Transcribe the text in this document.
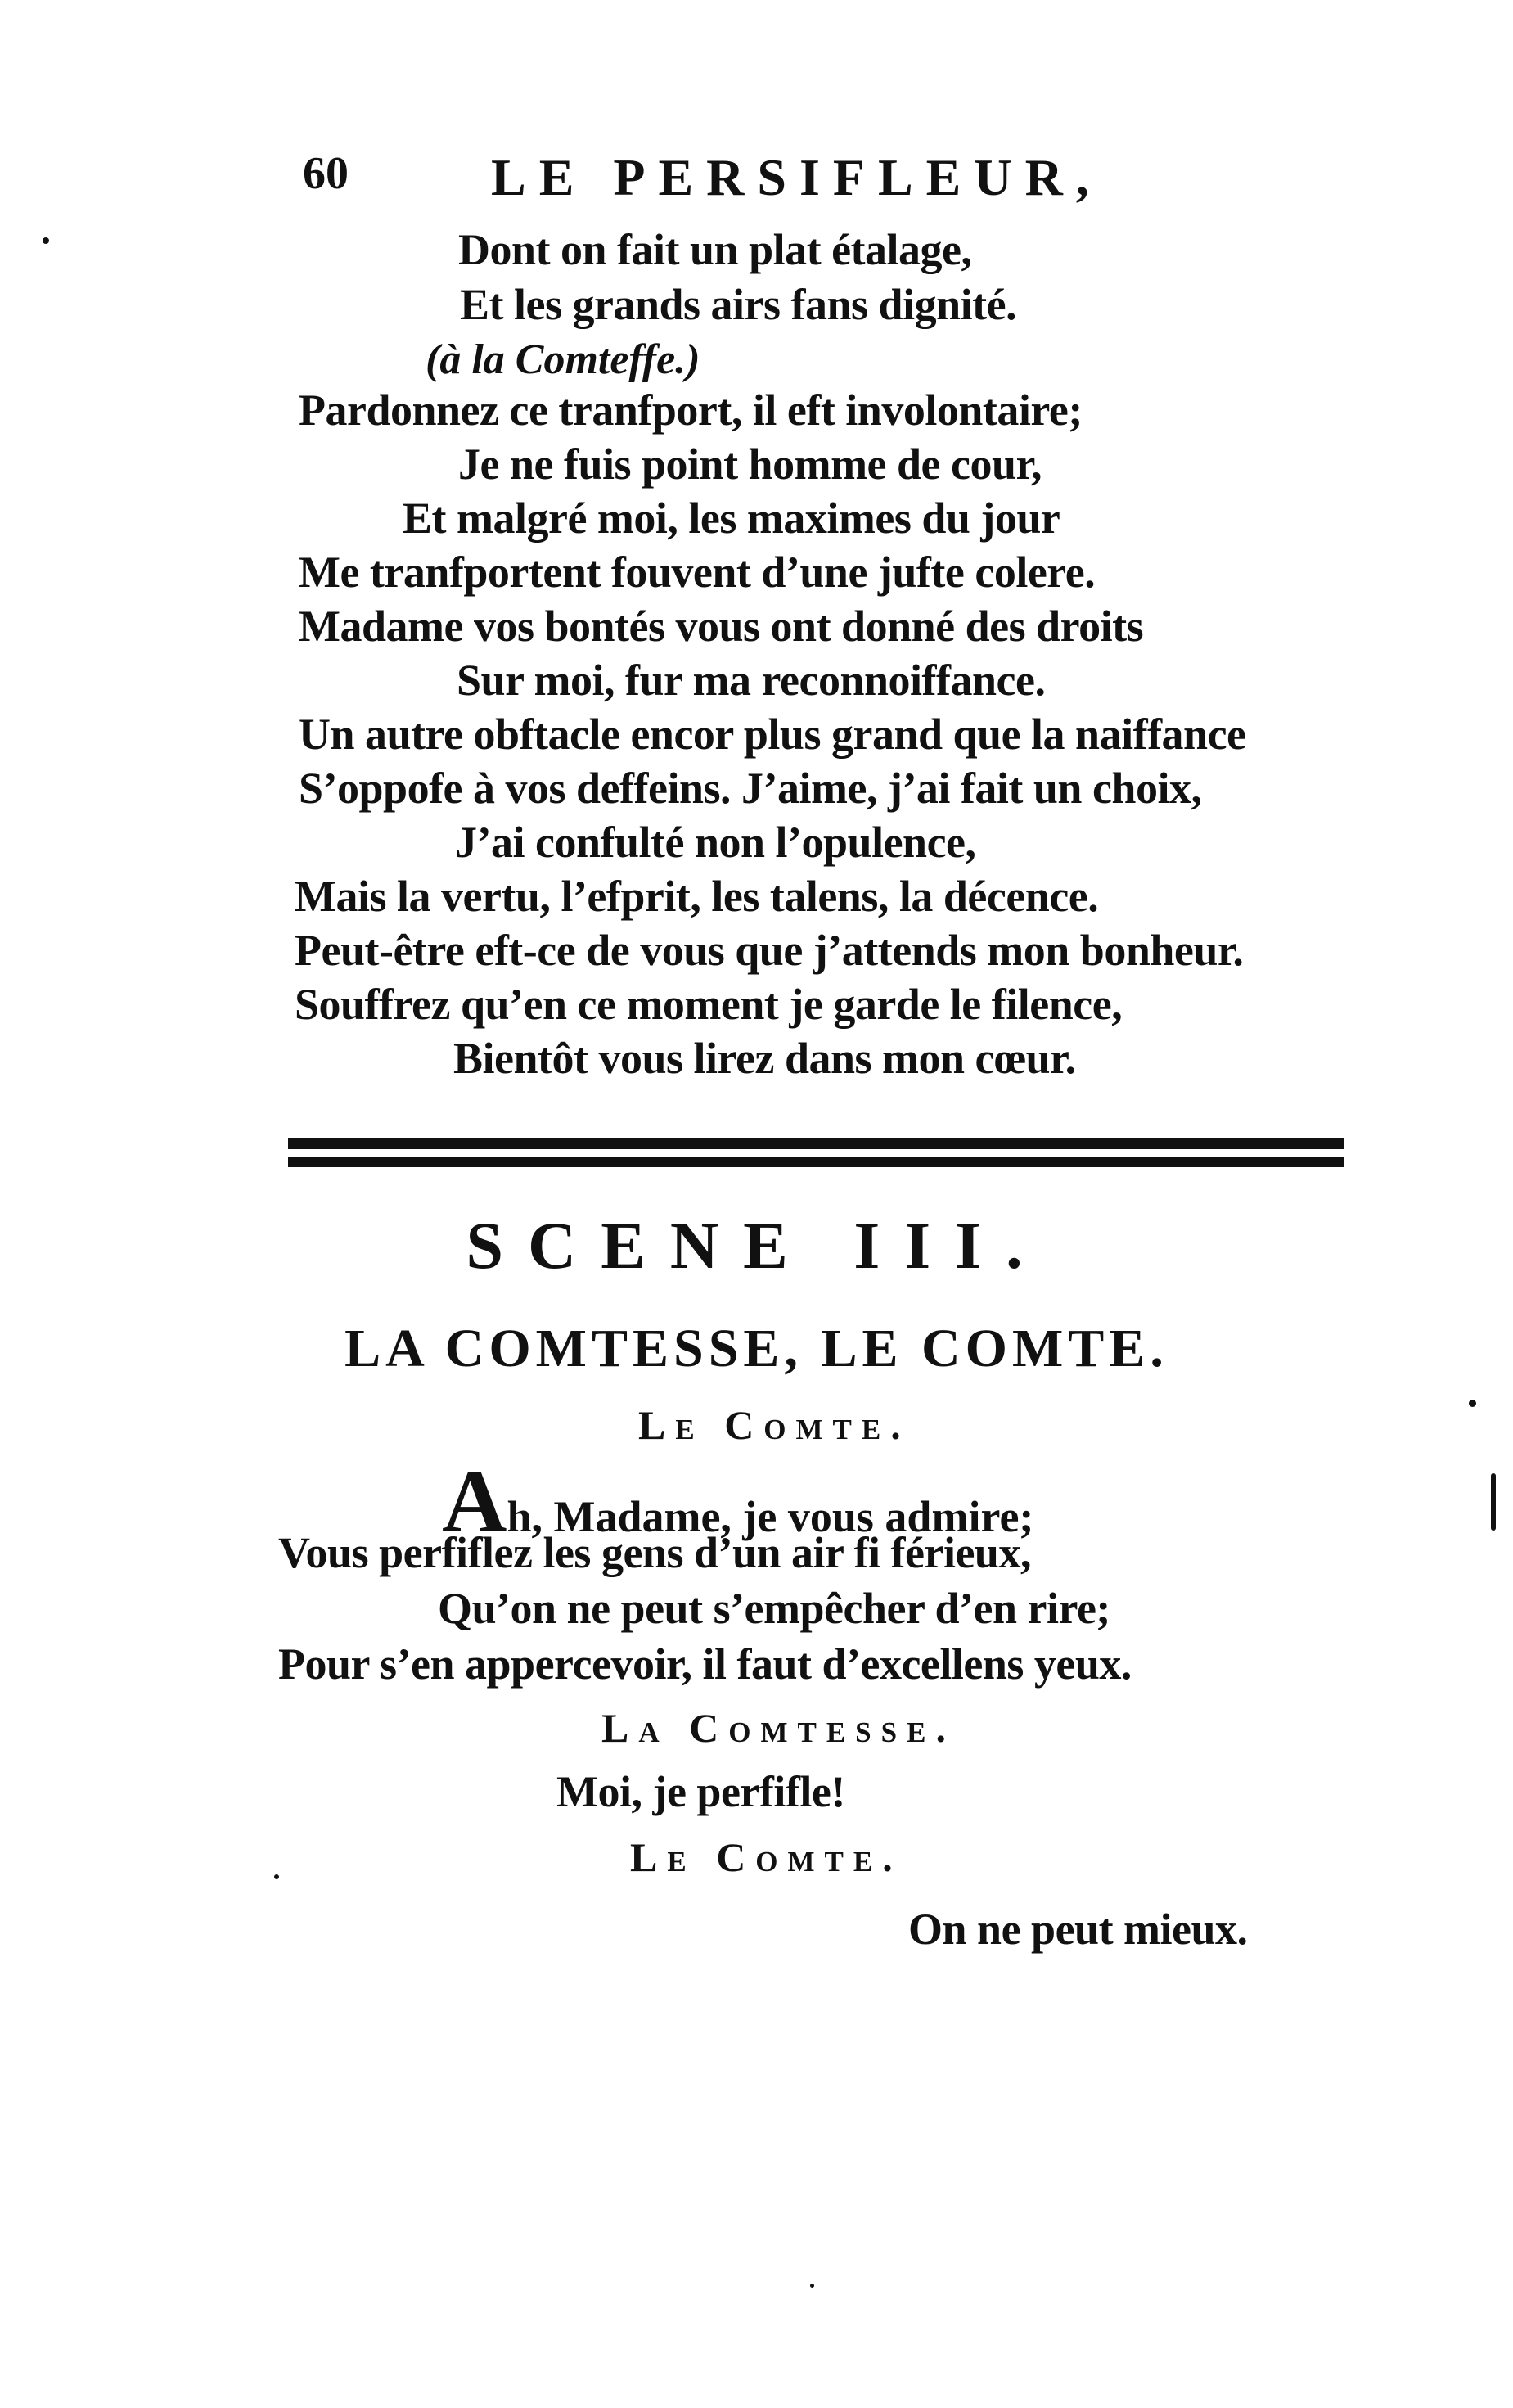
60	LE PERSIFLEUR,
Dont on fait un plat étalage,
Et les grands airs fans dignité.
(à la Comteffe.)
Pardonnez ce tranfport, il eft involontaire;
Je ne fuis point homme de cour,
Et malgré moi, les maximes du jour
Me tranfportent fouvent d’une jufte colere.
Madame vos bontés vous ont donné des droits
Sur moi, fur ma reconnoiffance.
Un autre obftacle encor plus grand que la naiffance
S’oppofe à vos deffeins. J’aime, j’ai fait un choix,
J’ai confulté non l’opulence,
Mais la vertu, l’efprit, les talens, la décence.
Peut-être eft-ce de vous que j’attends mon bonheur.
Souffrez qu’en ce moment je garde le filence,
Bientôt vous lirez dans mon cœur.
SCENE III.
LA COMTESSE, LE COMTE.
Le Comte.
Ah, Madame, je vous admire;
Vous perfiflez les gens d’un air fi férieux,
Qu’on ne peut s’empêcher d’en rire;
Pour s’en appercevoir, il faut d’excellens yeux.
La Comtesse.
Moi, je perfifle!
Le Comte.
On ne peut mieux.
